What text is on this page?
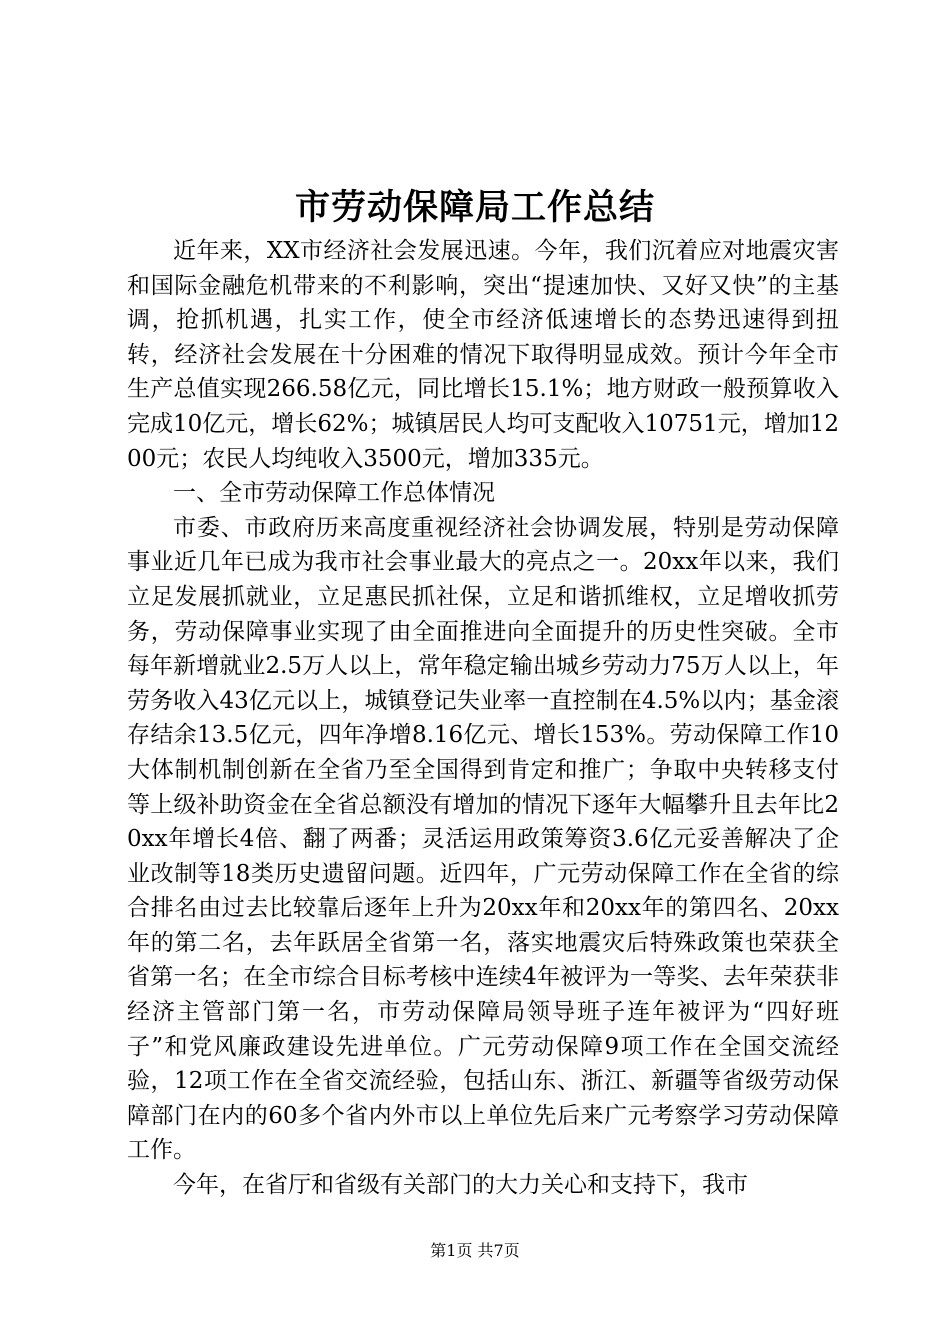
市劳动保障局工作总结

近年来，XX市经济社会发展迅速。今年，我们沉着应对地震灾害和国际金融危机带来的不利影响，突出“提速加快、又好又快”的主基调，抢抓机遇，扎实工作，使全市经济低速增长的态势迅速得到扭转，经济社会发展在十分困难的情况下取得明显成效。预计今年全市生产总值实现266.58亿元，同比增长15.1%；地方财政一般预算收入完成10亿元，增长62%；城镇居民人均可支配收入10751元，增加1200元；农民人均纯收入3500元，增加335元。

一、全市劳动保障工作总体情况

市委、市政府历来高度重视经济社会协调发展，特别是劳动保障事业近几年已成为我市社会事业最大的亮点之一。20xx年以来，我们立足发展抓就业，立足惠民抓社保，立足和谐抓维权，立足增收抓劳务，劳动保障事业实现了由全面推进向全面提升的历史性突破。全市每年新增就业2.5万人以上，常年稳定输出城乡劳动力75万人以上，年劳务收入43亿元以上，城镇登记失业率一直控制在4.5%以内；基金滚存结余13.5亿元，四年净增8.16亿元、增长153%。劳动保障工作10大体制机制创新在全省乃至全国得到肯定和推广；争取中央转移支付等上级补助资金在全省总额没有增加的情况下逐年大幅攀升且去年比20xx年增长4倍、翻了两番；灵活运用政策筹资3.6亿元妥善解决了企业改制等18类历史遗留问题。近四年，广元劳动保障工作在全省的综合排名由过去比较靠后逐年上升为20xx年和20xx年的第四名、20xx年的第二名，去年跃居全省第一名，落实地震灾后特殊政策也荣获全省第一名；在全市综合目标考核中连续4年被评为一等奖、去年荣获非经济主管部门第一名，市劳动保障局领导班子连年被评为“四好班子”和党风廉政建设先进单位。广元劳动保障9项工作在全国交流经验，12项工作在全省交流经验，包括山东、浙江、新疆等省级劳动保障部门在内的60多个省内外市以上单位先后来广元考察学习劳动保障工作。

今年，在省厅和省级有关部门的大力关心和支持下，我市

第1页 共7页
